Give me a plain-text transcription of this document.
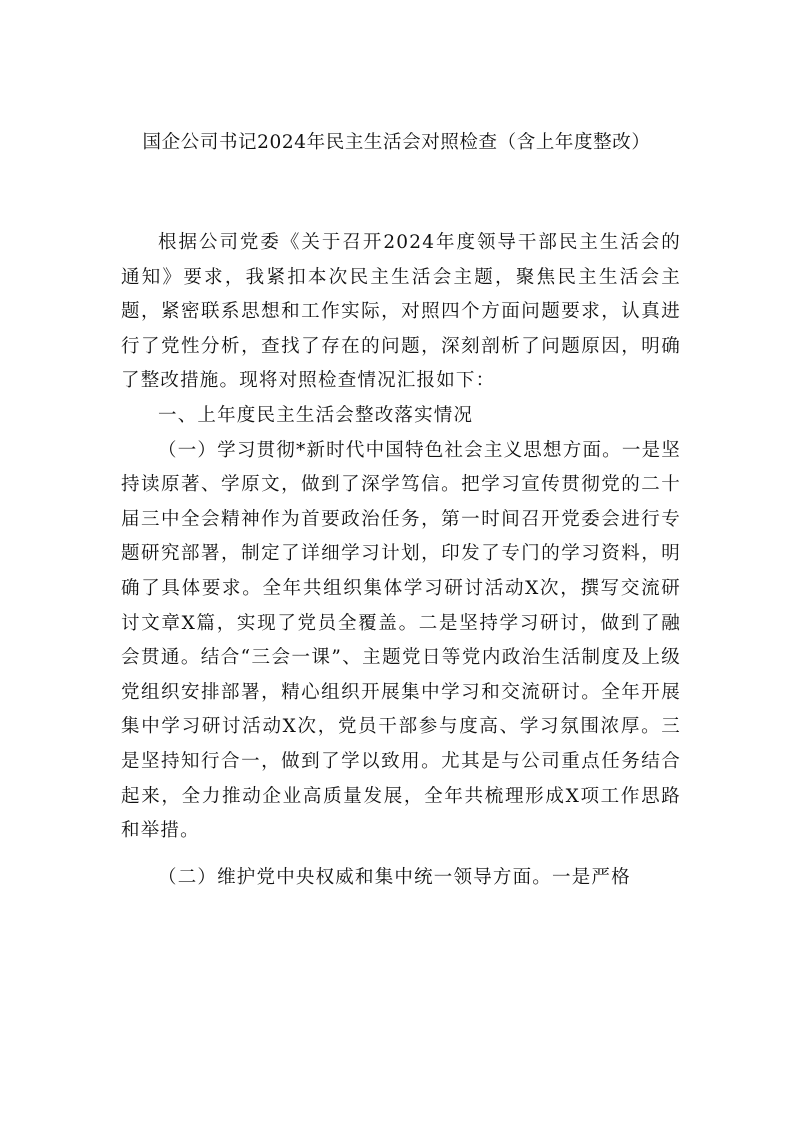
国企公司书记2024年民主生活会对照检查（含上年度整改）

根据公司党委《关于召开2024年度领导干部民主生活会的通知》要求，我紧扣本次民主生活会主题，聚焦民主生活会主题，紧密联系思想和工作实际，对照四个方面问题要求，认真进行了党性分析，查找了存在的问题，深刻剖析了问题原因，明确了整改措施。现将对照检查情况汇报如下：

一、上年度民主生活会整改落实情况

（一）学习贯彻*新时代中国特色社会主义思想方面。一是坚持读原著、学原文，做到了深学笃信。把学习宣传贯彻党的二十届三中全会精神作为首要政治任务，第一时间召开党委会进行专题研究部署，制定了详细学习计划，印发了专门的学习资料，明确了具体要求。全年共组织集体学习研讨活动X次，撰写交流研讨文章X篇，实现了党员全覆盖。二是坚持学习研讨，做到了融会贯通。结合“三会一课”、主题党日等党内政治生活制度及上级党组织安排部署，精心组织开展集中学习和交流研讨。全年开展集中学习研讨活动X次，党员干部参与度高、学习氛围浓厚。三是坚持知行合一，做到了学以致用。尤其是与公司重点任务结合起来，全力推动企业高质量发展，全年共梳理形成X项工作思路和举措。

（二）维护党中央权威和集中统一领导方面。一是严格
